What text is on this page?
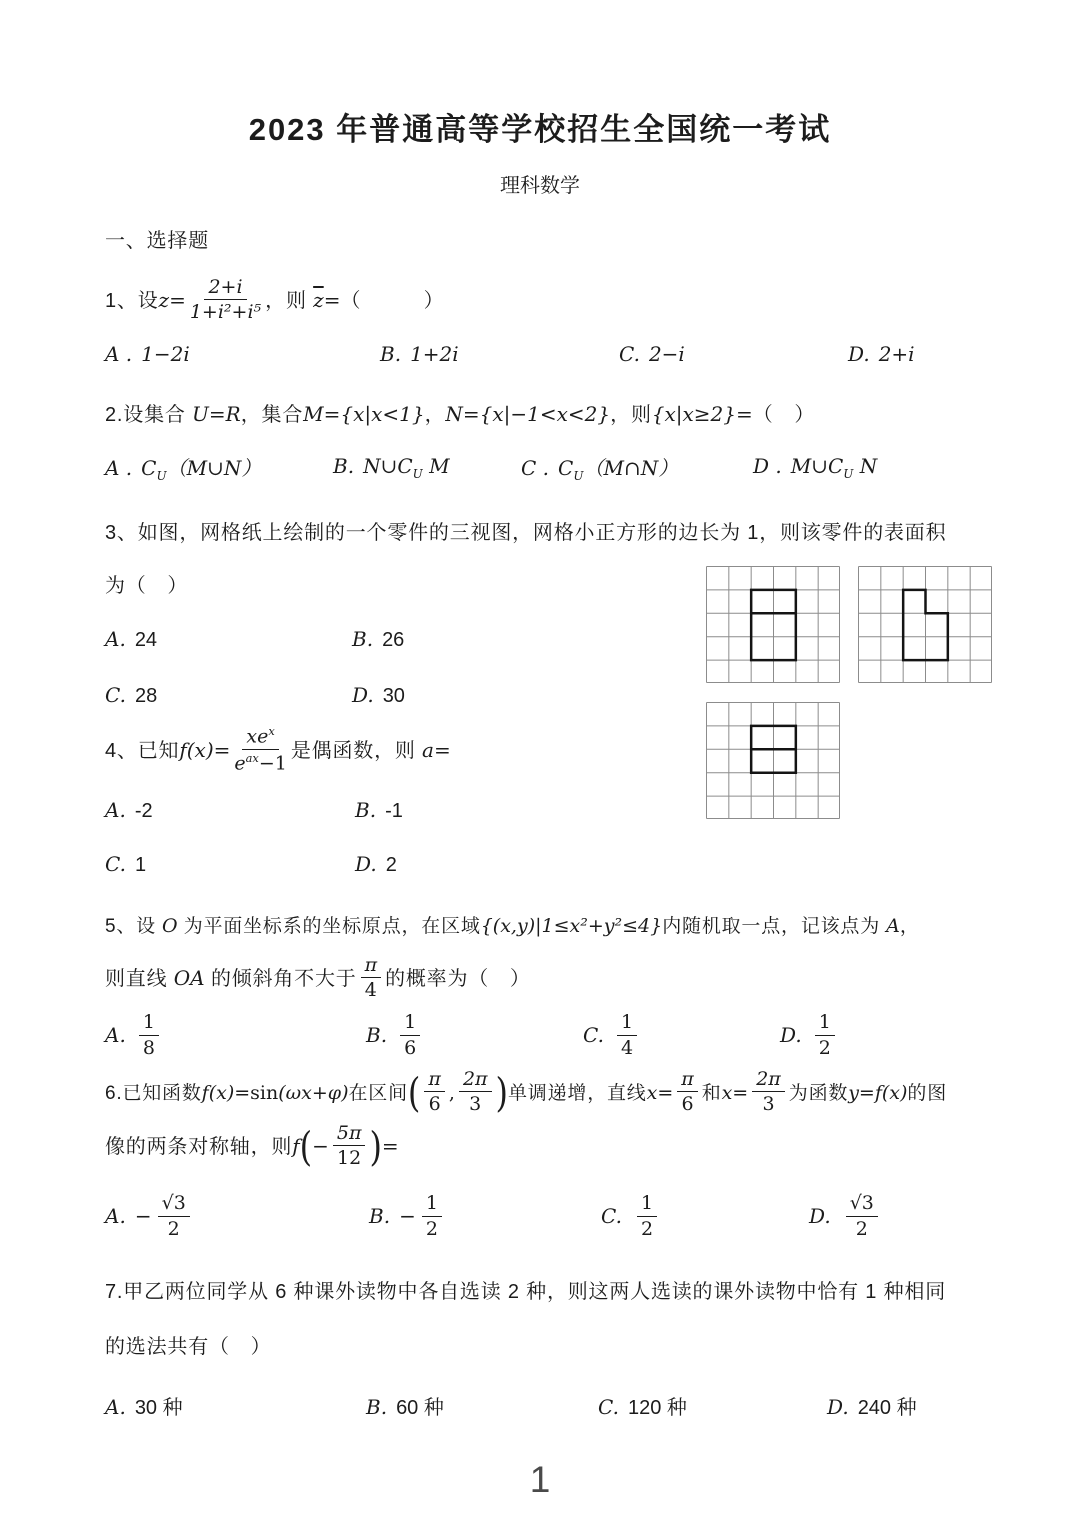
2023 年普通高等学校招生全国统一考试
理科数学
一、选择题
1、设$z= \frac{2+i}{\text{1+i²+i⁵}}$ ，则 $\overline{z}=$（　　　）
A . 1−2i	B. 1+2i	C. 2−i	D. 2+i
2.设集合 U=R，集合M={x|x<1}，N={x|−1<x<2}，则{x|x≥2}=（　）
A . $C_U(M\cup N)$	B. $N\cup C_U$ M	C . $C_U(M\cap N)$	D . $M\cup C_U$ N
3、如图，网格纸上绘制的一个零件的三视图，网格小正方形的边长为 1，则该零件的表面积
为（　）
A. 24	B. 26
C. 28	D. 30
4、已知$f(x)= \frac{xe^x}{e^{ax}-1}$ 是偶函数，则 a=
A. -2	B. -1
C. 1	D. 2
5、设 O 为平面坐标系的坐标原点，在区域{(x,y)|1≤x²+y²≤4}内随机取一点，记该点为 A，
则直线 OA 的倾斜角不大于 $\frac{\pi}{4}$ 的概率为（　）
A. $\frac{1}{8}$	B. $\frac{1}{6}$	C. $\frac{1}{4}$	D. $\frac{1}{2}$
6.已知函数f(x)=sin(ωx+φ)在区间( $\frac{\pi}{6}$ , $\frac{2\pi}{3}$ )单调递增，直线$x= \frac{\pi}{6}$ 和$x= \frac{2\pi}{3}$ 为函数y=f(x)的图
像的两条对称轴，则$f(- \frac{5\pi}{12}$ )=
A. − $\frac{√3}{2}$	B. − $\frac{1}{2}$	C. $\frac{1}{2}$	D. $\frac{√3}{2}$
7.甲乙两位同学从 6 种课外读物中各自选读 2 种，则这两人选读的课外读物中恰有 1 种相同
的选法共有（　）
A. 30 种	B. 60 种	C. 120 种	D. 240 种
1
